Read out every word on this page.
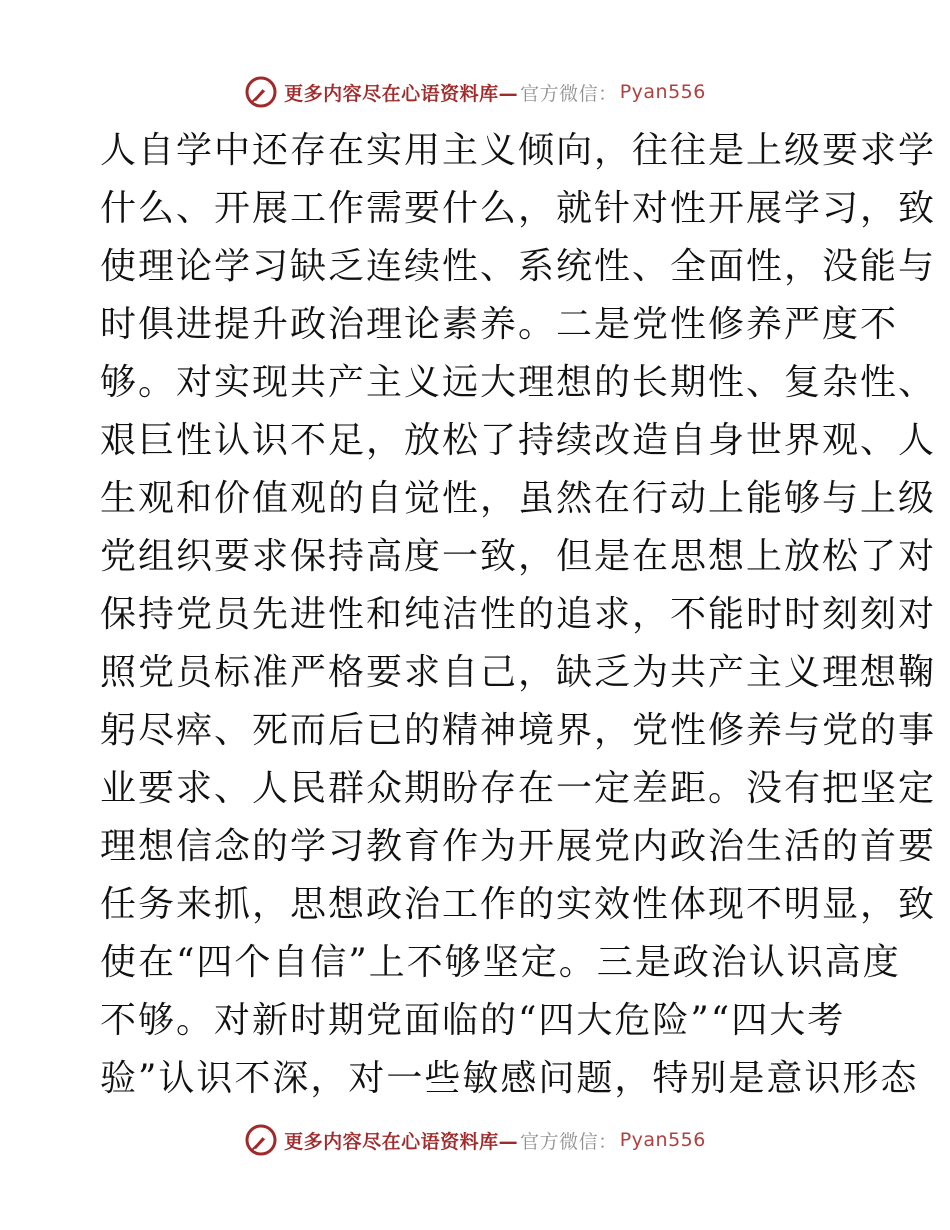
更多内容尽在心语资料库— 官方微信： Pyan556
人自学中还存在实用主义倾向，往往是上级要求学
什么、开展工作需要什么，就针对性开展学习，致
使理论学习缺乏连续性、系统性、全面性，没能与
时俱进提升政治理论素养。二是党性修养严度不
够。对实现共产主义远大理想的长期性、复杂性、
艰巨性认识不足，放松了持续改造自身世界观、人
生观和价值观的自觉性，虽然在行动上能够与上级
党组织要求保持高度一致，但是在思想上放松了对
保持党员先进性和纯洁性的追求，不能时时刻刻对
照党员标准严格要求自己，缺乏为共产主义理想鞠
躬尽瘁、死而后已的精神境界，党性修养与党的事
业要求、人民群众期盼存在一定差距。没有把坚定
理想信念的学习教育作为开展党内政治生活的首要
任务来抓，思想政治工作的实效性体现不明显，致
使在“四个自信”上不够坚定。三是政治认识高度
不够。对新时期党面临的“四大危险”“四大考
验”认识不深，对一些敏感问题，特别是意识形态
更多内容尽在心语资料库— 官方微信： Pyan556
